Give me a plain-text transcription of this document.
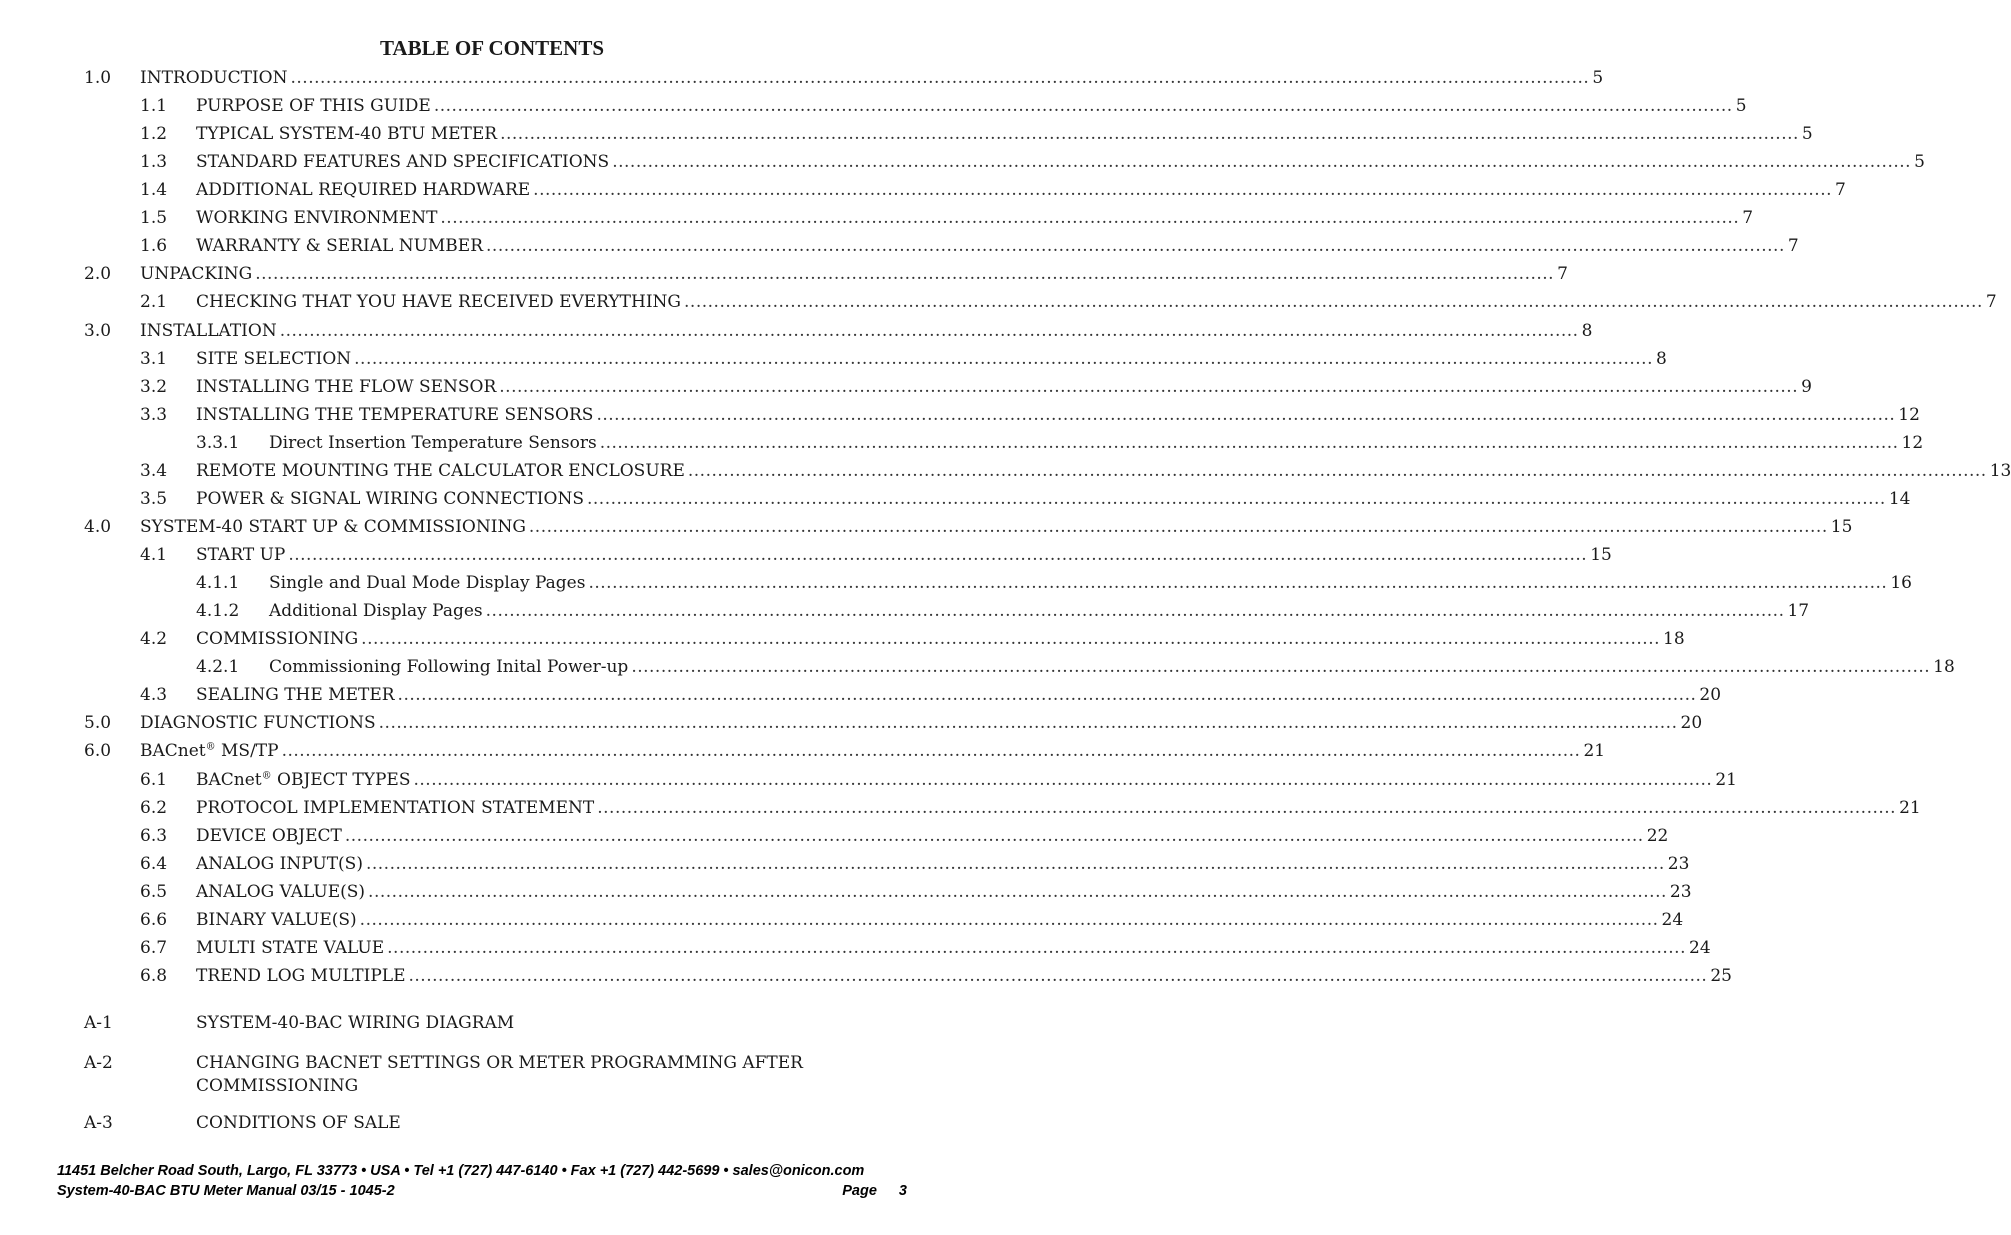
TABLE OF CONTENTS
1.0 INTRODUCTION ............................................................................................................................................................................................................................ 5
1.1 PURPOSE OF THIS GUIDE ............................................................................................................................................................................................................................ 5
1.2 TYPICAL SYSTEM-40 BTU METER ............................................................................................................................................................................................................................ 5
1.3 STANDARD FEATURES AND SPECIFICATIONS ............................................................................................................................................................................................................................ 5
1.4 ADDITIONAL REQUIRED HARDWARE ............................................................................................................................................................................................................................ 7
1.5 WORKING ENVIRONMENT ............................................................................................................................................................................................................................ 7
1.6 WARRANTY & SERIAL NUMBER ............................................................................................................................................................................................................................ 7
2.0 UNPACKING ............................................................................................................................................................................................................................ 7
2.1 CHECKING THAT YOU HAVE RECEIVED EVERYTHING ............................................................................................................................................................................................................................ 7
3.0 INSTALLATION ............................................................................................................................................................................................................................ 8
3.1 SITE SELECTION ............................................................................................................................................................................................................................ 8
3.2 INSTALLING THE FLOW SENSOR ............................................................................................................................................................................................................................ 9
3.3 INSTALLING THE TEMPERATURE SENSORS ............................................................................................................................................................................................................................ 12
3.3.1 Direct Insertion Temperature Sensors ............................................................................................................................................................................................................................ 12
3.4 REMOTE MOUNTING THE CALCULATOR ENCLOSURE ............................................................................................................................................................................................................................ 13
3.5 POWER & SIGNAL WIRING CONNECTIONS ............................................................................................................................................................................................................................ 14
4.0 SYSTEM-40 START UP & COMMISSIONING ............................................................................................................................................................................................................................ 15
4.1 START UP ............................................................................................................................................................................................................................ 15
4.1.1 Single and Dual Mode Display Pages ............................................................................................................................................................................................................................ 16
4.1.2 Additional Display Pages ............................................................................................................................................................................................................................ 17
4.2 COMMISSIONING ............................................................................................................................................................................................................................ 18
4.2.1 Commissioning Following Inital Power-up ............................................................................................................................................................................................................................ 18
4.3 SEALING THE METER ............................................................................................................................................................................................................................ 20
5.0 DIAGNOSTIC FUNCTIONS ............................................................................................................................................................................................................................ 20
6.0 BACnet® MS/TP ............................................................................................................................................................................................................................ 21
6.1 BACnet® OBJECT TYPES ............................................................................................................................................................................................................................ 21
6.2 PROTOCOL IMPLEMENTATION STATEMENT ............................................................................................................................................................................................................................ 21
6.3 DEVICE OBJECT ............................................................................................................................................................................................................................ 22
6.4 ANALOG INPUT(S) ............................................................................................................................................................................................................................ 23
6.5 ANALOG VALUE(S) ............................................................................................................................................................................................................................ 23
6.6 BINARY VALUE(S) ............................................................................................................................................................................................................................ 24
6.7 MULTI STATE VALUE ............................................................................................................................................................................................................................ 24
6.8 TREND LOG MULTIPLE ............................................................................................................................................................................................................................ 25
A-1	SYSTEM-40-BAC WIRING DIAGRAM
A-2	CHANGING BACNET SETTINGS OR METER PROGRAMMING AFTER COMMISSIONING
A-3	CONDITIONS OF SALE
11451 Belcher Road South, Largo, FL 33773 • USA • Tel +1 (727) 447-6140 • Fax +1 (727) 442-5699 • sales@onicon.com
System-40-BAC BTU Meter Manual 03/15 - 1045-2	Page 3
